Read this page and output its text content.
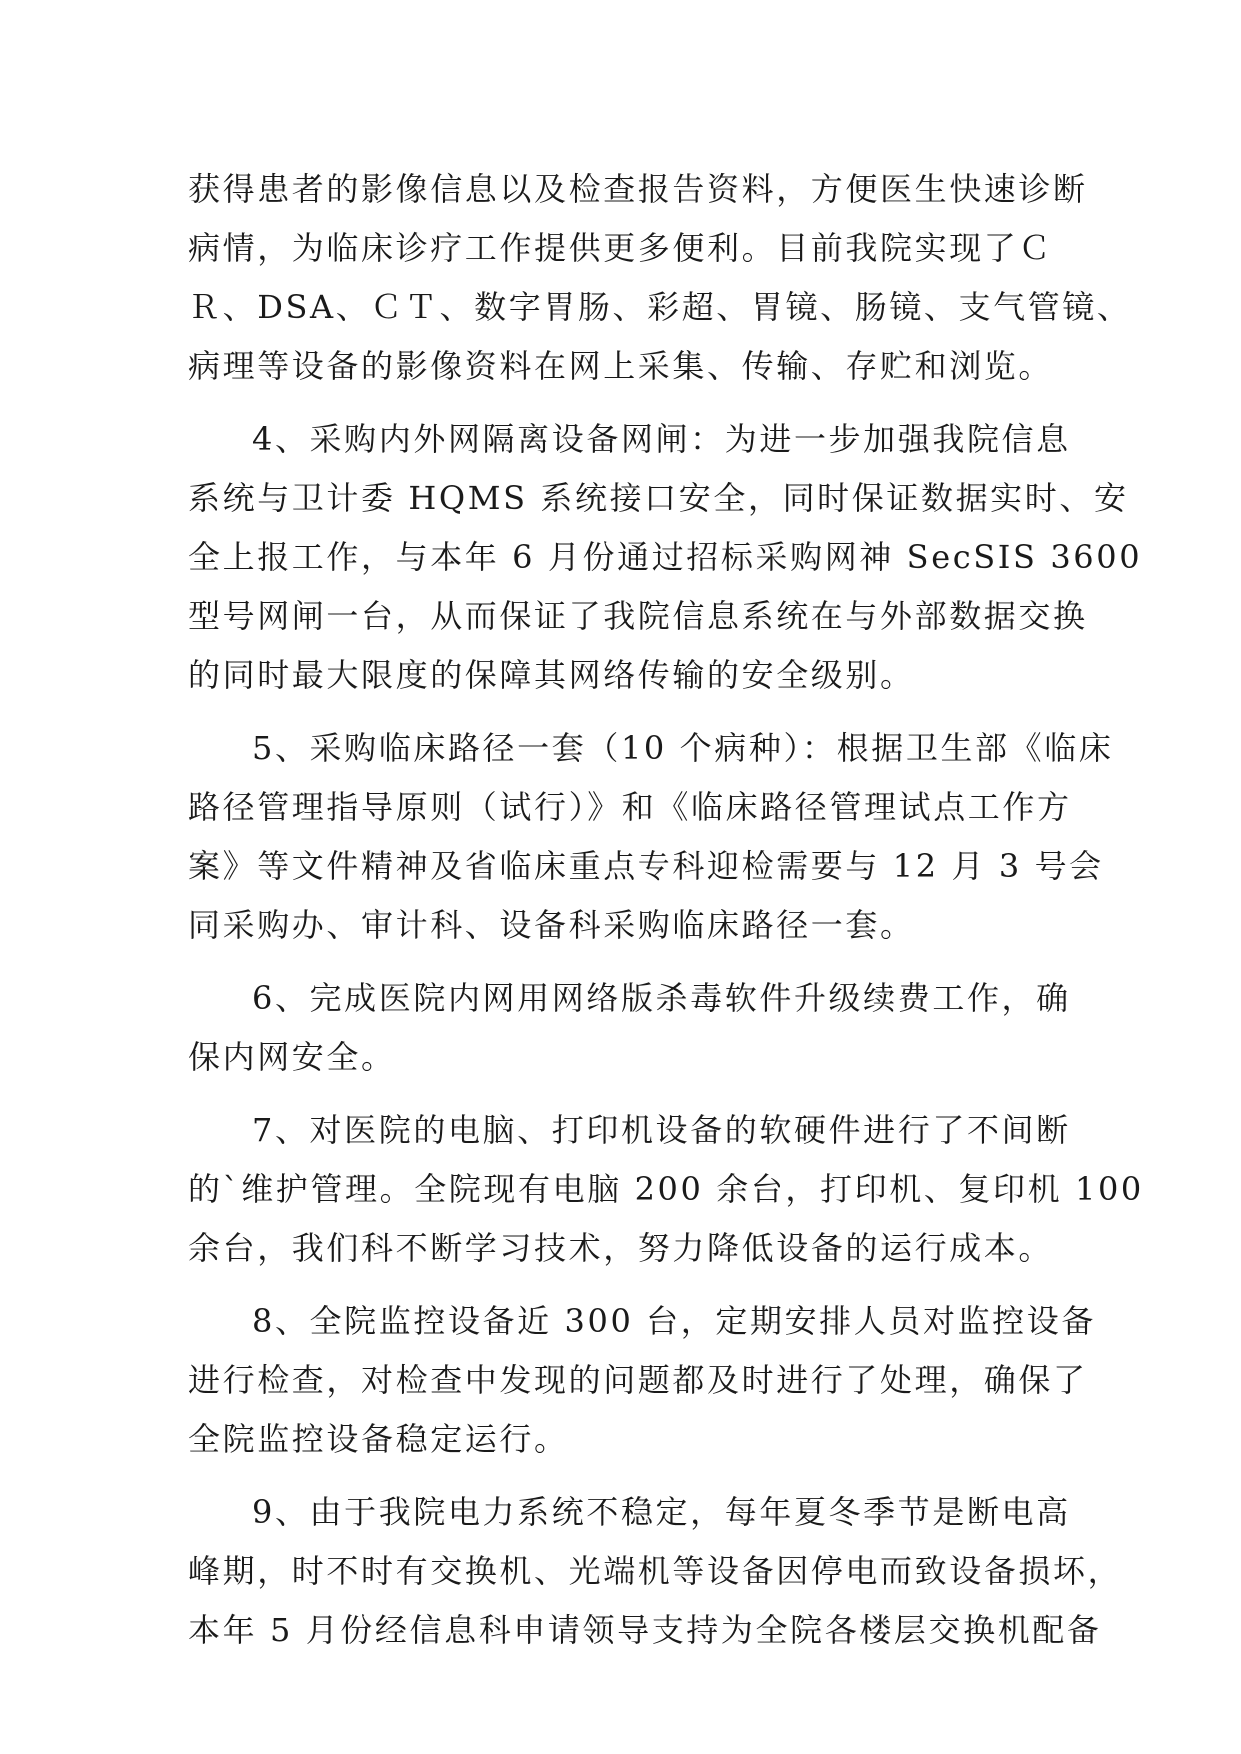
获得患者的影像信息以及检查报告资料，方便医生快速诊断
病情，为临床诊疗工作提供更多便利。目前我院实现了Ｃ
Ｒ、DSA、ＣＴ、数字胃肠、彩超、胃镜、肠镜、支气管镜、
病理等设备的影像资料在网上采集、传输、存贮和浏览。
4、采购内外网隔离设备网闸：为进一步加强我院信息
系统与卫计委 HQMS 系统接口安全，同时保证数据实时、安
全上报工作，与本年 6 月份通过招标采购网神 SecSIS 3600
型号网闸一台，从而保证了我院信息系统在与外部数据交换
的同时最大限度的保障其网络传输的安全级别。
5、采购临床路径一套（10 个病种）：根据卫生部《临床
路径管理指导原则（试行）》和《临床路径管理试点工作方
案》等文件精神及省临床重点专科迎检需要与 12 月 3 号会
同采购办、审计科、设备科采购临床路径一套。
6、完成医院内网用网络版杀毒软件升级续费工作，确
保内网安全。
7、对医院的电脑、打印机设备的软硬件进行了不间断
的`维护管理。全院现有电脑 200 余台，打印机、复印机 100
余台，我们科不断学习技术，努力降低设备的运行成本。
8、全院监控设备近 300 台，定期安排人员对监控设备
进行检查，对检查中发现的问题都及时进行了处理，确保了
全院监控设备稳定运行。
9、由于我院电力系统不稳定，每年夏冬季节是断电高
峰期，时不时有交换机、光端机等设备因停电而致设备损坏，
本年 5 月份经信息科申请领导支持为全院各楼层交换机配备
